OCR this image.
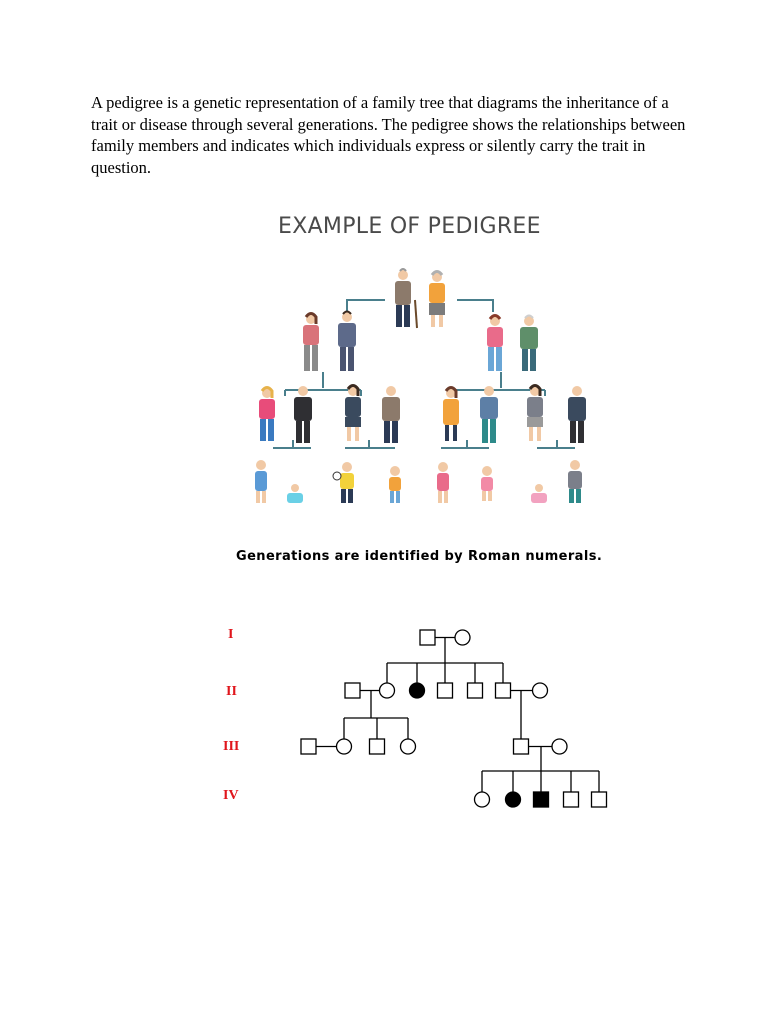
A pedigree is a genetic representation of a family tree that diagrams the inheritance of a trait or disease through several generations. The pedigree shows the relationships between family members and indicates which individuals express or silently carry the trait in question.

EXAMPLE OF PEDIGREE

Generations are identified by Roman numerals.

I
II
III
IV
